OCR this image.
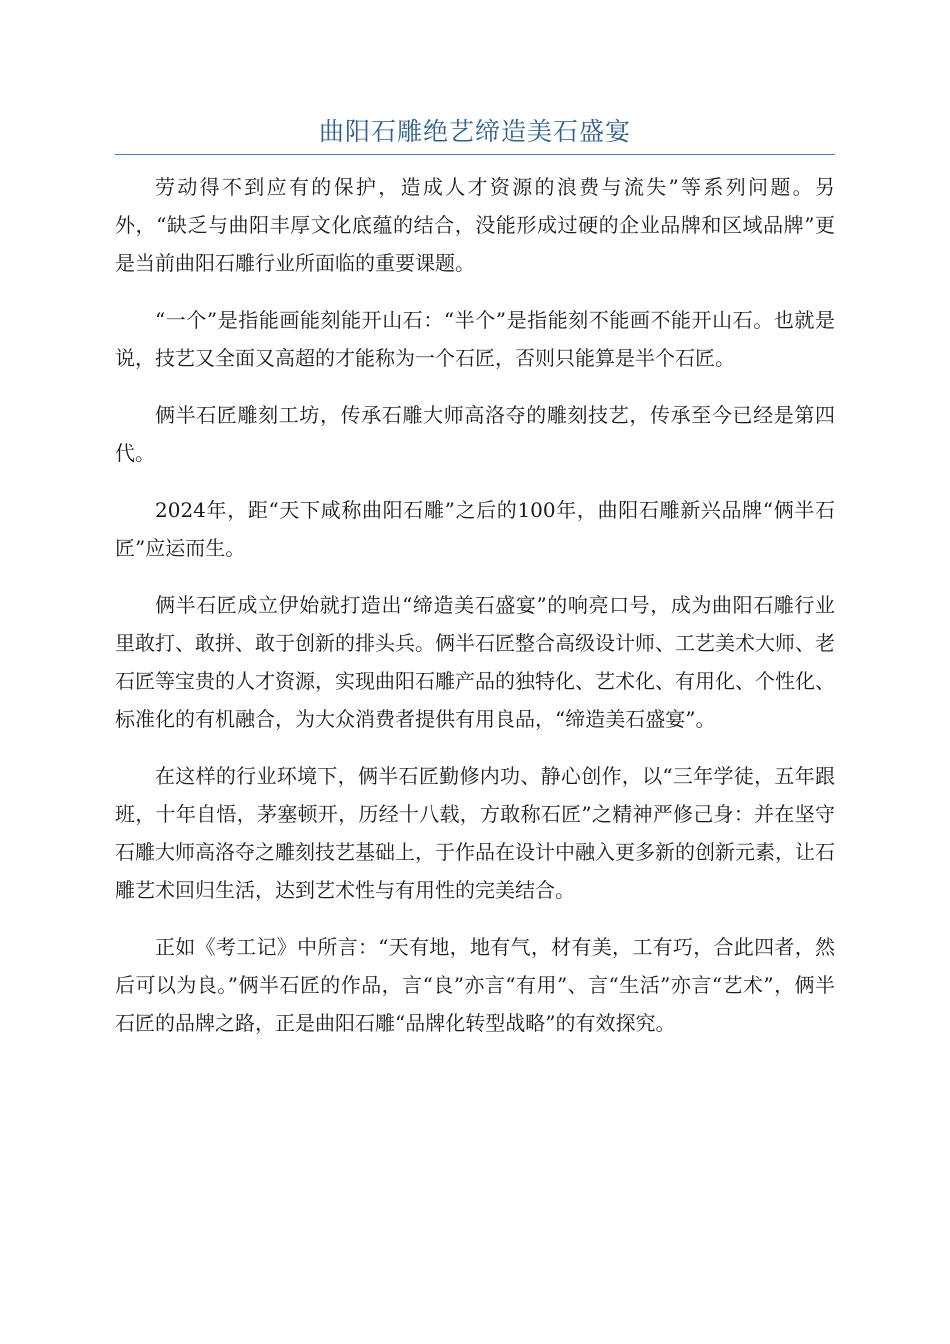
曲阳石雕绝艺缔造美石盛宴

劳动得不到应有的保护，造成人才资源的浪费与流失”等系列问题。另外，“缺乏与曲阳丰厚文化底蕴的结合，没能形成过硬的企业品牌和区域品牌”更是当前曲阳石雕行业所面临的重要课题。

“一个”是指能画能刻能开山石：“半个”是指能刻不能画不能开山石。也就是说，技艺又全面又高超的才能称为一个石匠，否则只能算是半个石匠。

俩半石匠雕刻工坊，传承石雕大师高洛夺的雕刻技艺，传承至今已经是第四代。

2024年，距“天下咸称曲阳石雕”之后的100年，曲阳石雕新兴品牌“俩半石匠”应运而生。

俩半石匠成立伊始就打造出“缔造美石盛宴”的响亮口号，成为曲阳石雕行业里敢打、敢拼、敢于创新的排头兵。俩半石匠整合高级设计师、工艺美术大师、老石匠等宝贵的人才资源，实现曲阳石雕产品的独特化、艺术化、有用化、个性化、标准化的有机融合，为大众消费者提供有用良品，“缔造美石盛宴”。

在这样的行业环境下，俩半石匠勤修内功、静心创作，以“三年学徒，五年跟班，十年自悟，茅塞顿开，历经十八载，方敢称石匠”之精神严修己身：并在坚守石雕大师高洛夺之雕刻技艺基础上，于作品在设计中融入更多新的创新元素，让石雕艺术回归生活，达到艺术性与有用性的完美结合。

正如《考工记》中所言：“天有地，地有气，材有美，工有巧，合此四者，然后可以为良。”俩半石匠的作品，言“良”亦言“有用”、言“生活”亦言“艺术”，俩半石匠的品牌之路，正是曲阳石雕“品牌化转型战略”的有效探究。
